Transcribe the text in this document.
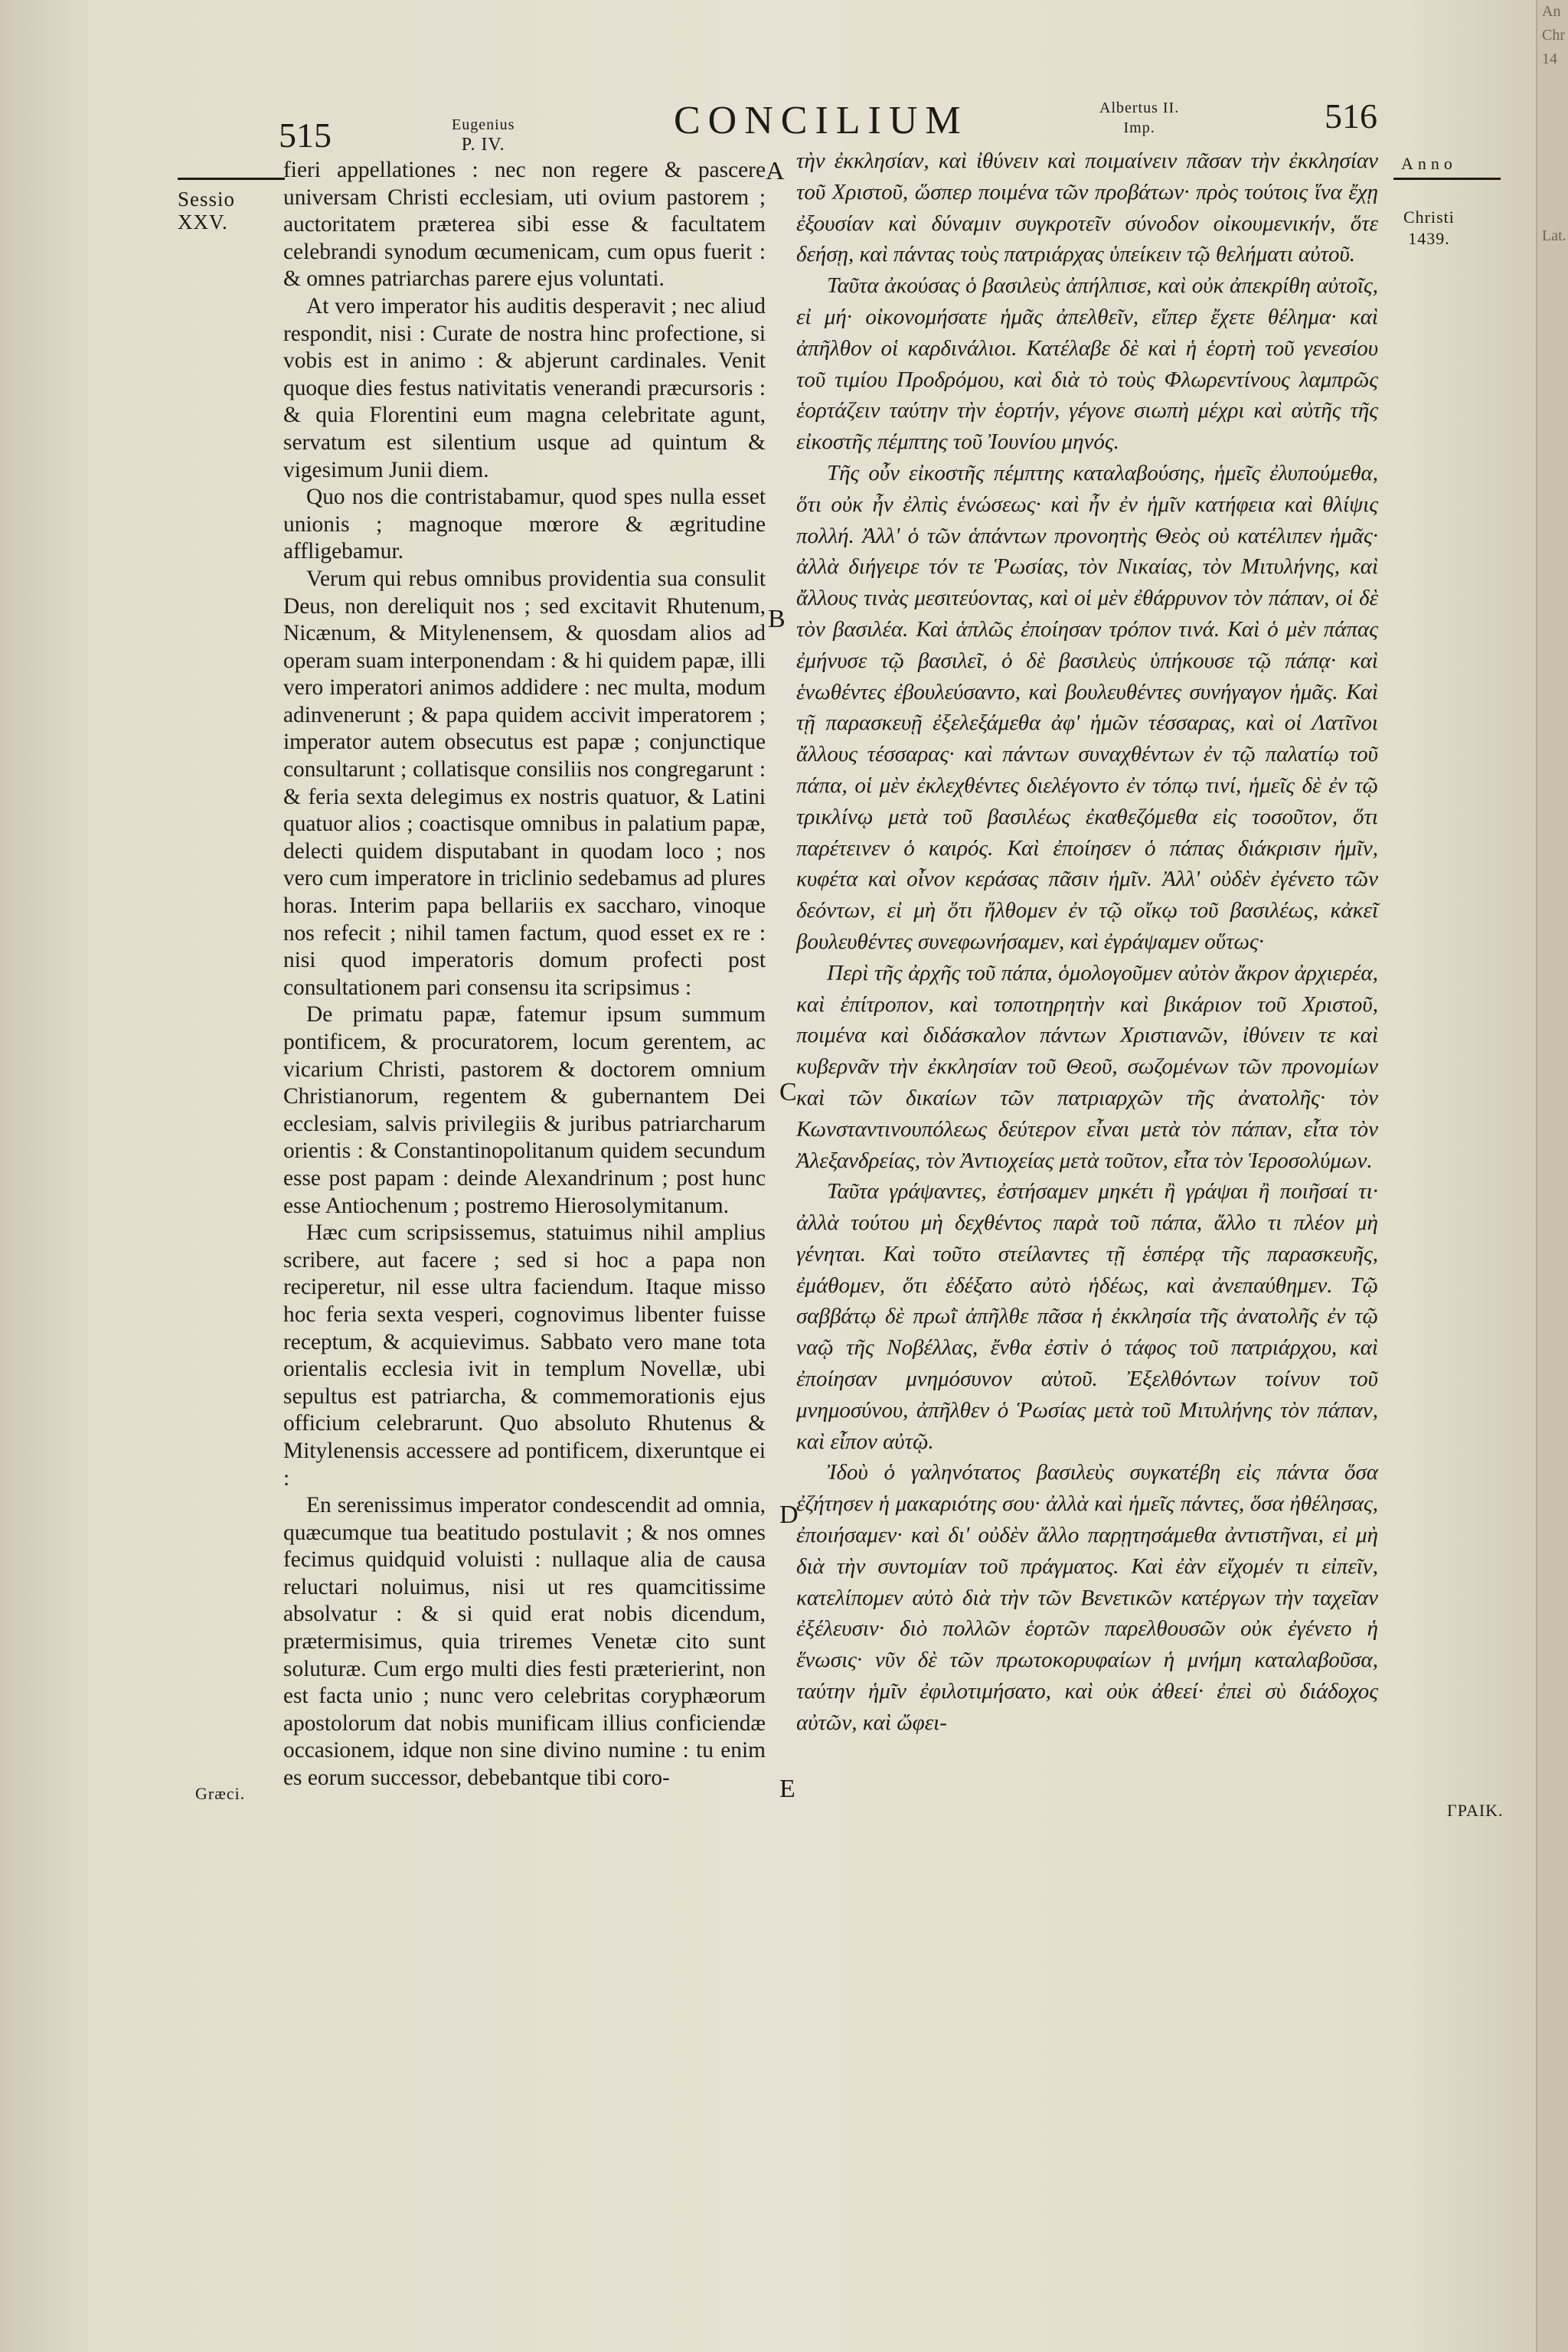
An
Chr
14
Lat.
515	Eugenius
P. IV.
CONCILIUM	Albertus II.
Imp.	516
Sessio
XXV.
Græci.
Anno
Christi
1439.
ΓΡΑΙΚ.
A
B
C
D
E

fieri appellationes : nec non regere & pascere universam Christi ecclesiam, uti ovium pastorem ; auctoritatem præterea sibi esse & facultatem celebrandi synodum œcumenicam, cum opus fuerit : & omnes patriarchas parere ejus voluntati.

At vero imperator his auditis desperavit ; nec aliud respondit, nisi : Curate de nostra hinc profectione, si vobis est in animo : & abjerunt cardinales. Venit quoque dies festus nativitatis venerandi præcursoris : & quia Florentini eum magna celebritate agunt, servatum est silentium usque ad quintum & vigesimum Junii diem.

Quo nos die contristabamur, quod spes nulla esset unionis ; magnoque mœrore & ægritudine affligebamur.

Verum qui rebus omnibus providentia sua consulit Deus, non dereliquit nos ; sed excitavit Rhutenum, Nicænum, & Mitylenensem, & quosdam alios ad operam suam interponendam : & hi quidem papæ, illi vero imperatori animos addidere : nec multa, modum adinvenerunt ; & papa quidem accivit imperatorem ; imperator autem obsecutus est papæ ; conjunctique consultarunt ; collatisque consiliis nos congregarunt : & feria sexta delegimus ex nostris quatuor, & Latini quatuor alios ; coactisque omnibus in palatium papæ, delecti quidem disputabant in quodam loco ; nos vero cum imperatore in triclinio sedebamus ad plures horas. Interim papa bellariis ex saccharo, vinoque nos refecit ; nihil tamen factum, quod esset ex re : nisi quod imperatoris domum profecti post consultationem pari consensu ita scripsimus :

De primatu papæ, fatemur ipsum summum pontificem, & procuratorem, locum gerentem, ac vicarium Christi, pastorem & doctorem omnium Christianorum, regentem & gubernantem Dei ecclesiam, salvis privilegiis & juribus patriarcharum orientis : & Constantinopolitanum quidem secundum esse post papam : deinde Alexandrinum ; post hunc esse Antiochenum ; postremo Hierosolymitanum.

Hæc cum scripsissemus, statuimus nihil amplius scribere, aut facere ; sed si hoc a papa non reciperetur, nil esse ultra faciendum. Itaque misso hoc feria sexta vesperi, cognovimus libenter fuisse receptum, & acquievimus. Sabbato vero mane tota orientalis ecclesia ivit in templum Novellæ, ubi sepultus est patriarcha, & commemorationis ejus officium celebrarunt. Quo absoluto Rhutenus & Mitylenensis accessere ad pontificem, dixeruntque ei :

En serenissimus imperator condescendit ad omnia, quæcumque tua beatitudo postulavit ; & nos omnes fecimus quidquid voluisti : nullaque alia de causa reluctari noluimus, nisi ut res quamcitissime absolvatur : & si quid erat nobis dicendum, prætermisimus, quia triremes Venetæ cito sunt soluturæ. Cum ergo multi dies festi præterierint, non est facta unio ; nunc vero celebritas coryphæorum apostolorum dat nobis munificam illius conficiendæ occasionem, idque non sine divino numine : tu enim es eorum successor, debebantque tibi coro-

τὴν ἐκκλησίαν, καὶ ἰθύνειν καὶ ποιμαίνειν πᾶσαν τὴν ἐκκλησίαν τοῦ Χριστοῦ, ὥσπερ ποιμένα τῶν προβάτων· πρὸς τούτοις ἵνα ἔχῃ ἐξουσίαν καὶ δύναμιν συγκροτεῖν σύνοδον οἰκουμενικήν, ὅτε δεήσῃ, καὶ πάντας τοὺς πατριάρχας ὑπείκειν τῷ θελήματι αὐτοῦ.

Ταῦτα ἀκούσας ὁ βασιλεὺς ἀπήλπισε, καὶ οὐκ ἀπεκρίθη αὐτοῖς, εἰ μή· οἰκονομήσατε ἡμᾶς ἀπελθεῖν, εἴπερ ἔχετε θέλημα· καὶ ἀπῆλθον οἱ καρδινάλιοι. Κατέλαβε δὲ καὶ ἡ ἑορτὴ τοῦ γενεσίου τοῦ τιμίου Προδρόμου, καὶ διὰ τὸ τοὺς Φλωρεντίνους λαμπρῶς ἑορτάζειν ταύτην τὴν ἑορτήν, γέγονε σιωπὴ μέχρι καὶ αὐτῆς τῆς εἰκοστῆς πέμπτης τοῦ Ἰουνίου μηνός.

Τῆς οὖν εἰκοστῆς πέμπτης καταλαβούσης, ἡμεῖς ἐλυπούμεθα, ὅτι οὐκ ἦν ἐλπὶς ἑνώσεως· καὶ ἦν ἐν ἡμῖν κατήφεια καὶ θλίψις πολλή. Ἀλλ' ὁ τῶν ἁπάντων προνοητὴς Θεὸς οὐ κατέλιπεν ἡμᾶς· ἀλλὰ διήγειρε τόν τε Ῥωσίας, τὸν Νικαίας, τὸν Μιτυλήνης, καὶ ἄλλους τινὰς μεσιτεύοντας, καὶ οἱ μὲν ἐθάρρυνον τὸν πάπαν, οἱ δὲ τὸν βασιλέα. Καὶ ἁπλῶς ἐποίησαν τρόπον τινά. Καὶ ὁ μὲν πάπας ἐμήνυσε τῷ βασιλεῖ, ὁ δὲ βασιλεὺς ὑπήκουσε τῷ πάπᾳ· καὶ ἑνωθέντες ἐβουλεύσαντο, καὶ βουλευθέντες συνήγαγον ἡμᾶς. Καὶ τῇ παρασκευῇ ἐξελεξάμεθα ἀφ' ἡμῶν τέσσαρας, καὶ οἱ Λατῖνοι ἄλλους τέσσαρας· καὶ πάντων συναχθέντων ἐν τῷ παλατίῳ τοῦ πάπα, οἱ μὲν ἐκλεχθέντες διελέγοντο ἐν τόπῳ τινί, ἡμεῖς δὲ ἐν τῷ τρικλίνῳ μετὰ τοῦ βασιλέως ἐκαθεζόμεθα εἰς τοσοῦτον, ὅτι παρέτεινεν ὁ καιρός. Καὶ ἐποίησεν ὁ πάπας διάκρισιν ἡμῖν, κυφέτα καὶ οἶνον κεράσας πᾶσιν ἡμῖν. Ἀλλ' οὐδὲν ἐγένετο τῶν δεόντων, εἰ μὴ ὅτι ἤλθομεν ἐν τῷ οἴκῳ τοῦ βασιλέως, κἀκεῖ βουλευθέντες συνεφωνήσαμεν, καὶ ἐγράψαμεν οὕτως·

Περὶ τῆς ἀρχῆς τοῦ πάπα, ὁμολογοῦμεν αὐτὸν ἄκρον ἀρχιερέα, καὶ ἐπίτροπον, καὶ τοποτηρητὴν καὶ βικάριον τοῦ Χριστοῦ, ποιμένα καὶ διδάσκαλον πάντων Χριστιανῶν, ἰθύνειν τε καὶ κυβερνᾶν τὴν ἐκκλησίαν τοῦ Θεοῦ, σωζομένων τῶν προνομίων καὶ τῶν δικαίων τῶν πατριαρχῶν τῆς ἀνατολῆς· τὸν Κωνσταντινουπόλεως δεύτερον εἶναι μετὰ τὸν πάπαν, εἶτα τὸν Ἀλεξανδρείας, τὸν Ἀντιοχείας μετὰ τοῦτον, εἶτα τὸν Ἱεροσολύμων.

Ταῦτα γράψαντες, ἐστήσαμεν μηκέτι ἢ γράψαι ἢ ποιῆσαί τι· ἀλλὰ τούτου μὴ δεχθέντος παρὰ τοῦ πάπα, ἄλλο τι πλέον μὴ γένηται. Καὶ τοῦτο στείλαντες τῇ ἑσπέρᾳ τῆς παρασκευῆς, ἐμάθομεν, ὅτι ἐδέξατο αὐτὸ ἡδέως, καὶ ἀνεπαύθημεν. Τῷ σαββάτῳ δὲ πρωῒ ἀπῆλθε πᾶσα ἡ ἐκκλησία τῆς ἀνατολῆς ἐν τῷ ναῷ τῆς Νοβέλλας, ἔνθα ἐστὶν ὁ τάφος τοῦ πατριάρχου, καὶ ἐποίησαν μνημόσυνον αὐτοῦ. Ἐξελθόντων τοίνυν τοῦ μνημοσύνου, ἀπῆλθεν ὁ Ῥωσίας μετὰ τοῦ Μιτυλήνης τὸν πάπαν, καὶ εἶπον αὐτῷ.

Ἰδοὺ ὁ γαληνότατος βασιλεὺς συγκατέβη εἰς πάντα ὅσα ἐζήτησεν ἡ μακαριότης σου· ἀλλὰ καὶ ἡμεῖς πάντες, ὅσα ἠθέλησας, ἐποιήσαμεν· καὶ δι' οὐδὲν ἄλλο παρῃτησάμεθα ἀντιστῆναι, εἰ μὴ διὰ τὴν συντομίαν τοῦ πράγματος. Καὶ ἐὰν εἴχομέν τι εἰπεῖν, κατελίπομεν αὐτὸ διὰ τὴν τῶν Βενετικῶν κατέργων τὴν ταχεῖαν ἐξέλευσιν· διὸ πολλῶν ἑορτῶν παρελθουσῶν οὐκ ἐγένετο ἡ ἕνωσις· νῦν δὲ τῶν πρωτοκορυφαίων ἡ μνήμη καταλαβοῦσα, ταύτην ἡμῖν ἐφιλοτιμήσατο, καὶ οὐκ ἀθεεί· ἐπεὶ σὺ διάδοχος αὐτῶν, καὶ ὤφει-
